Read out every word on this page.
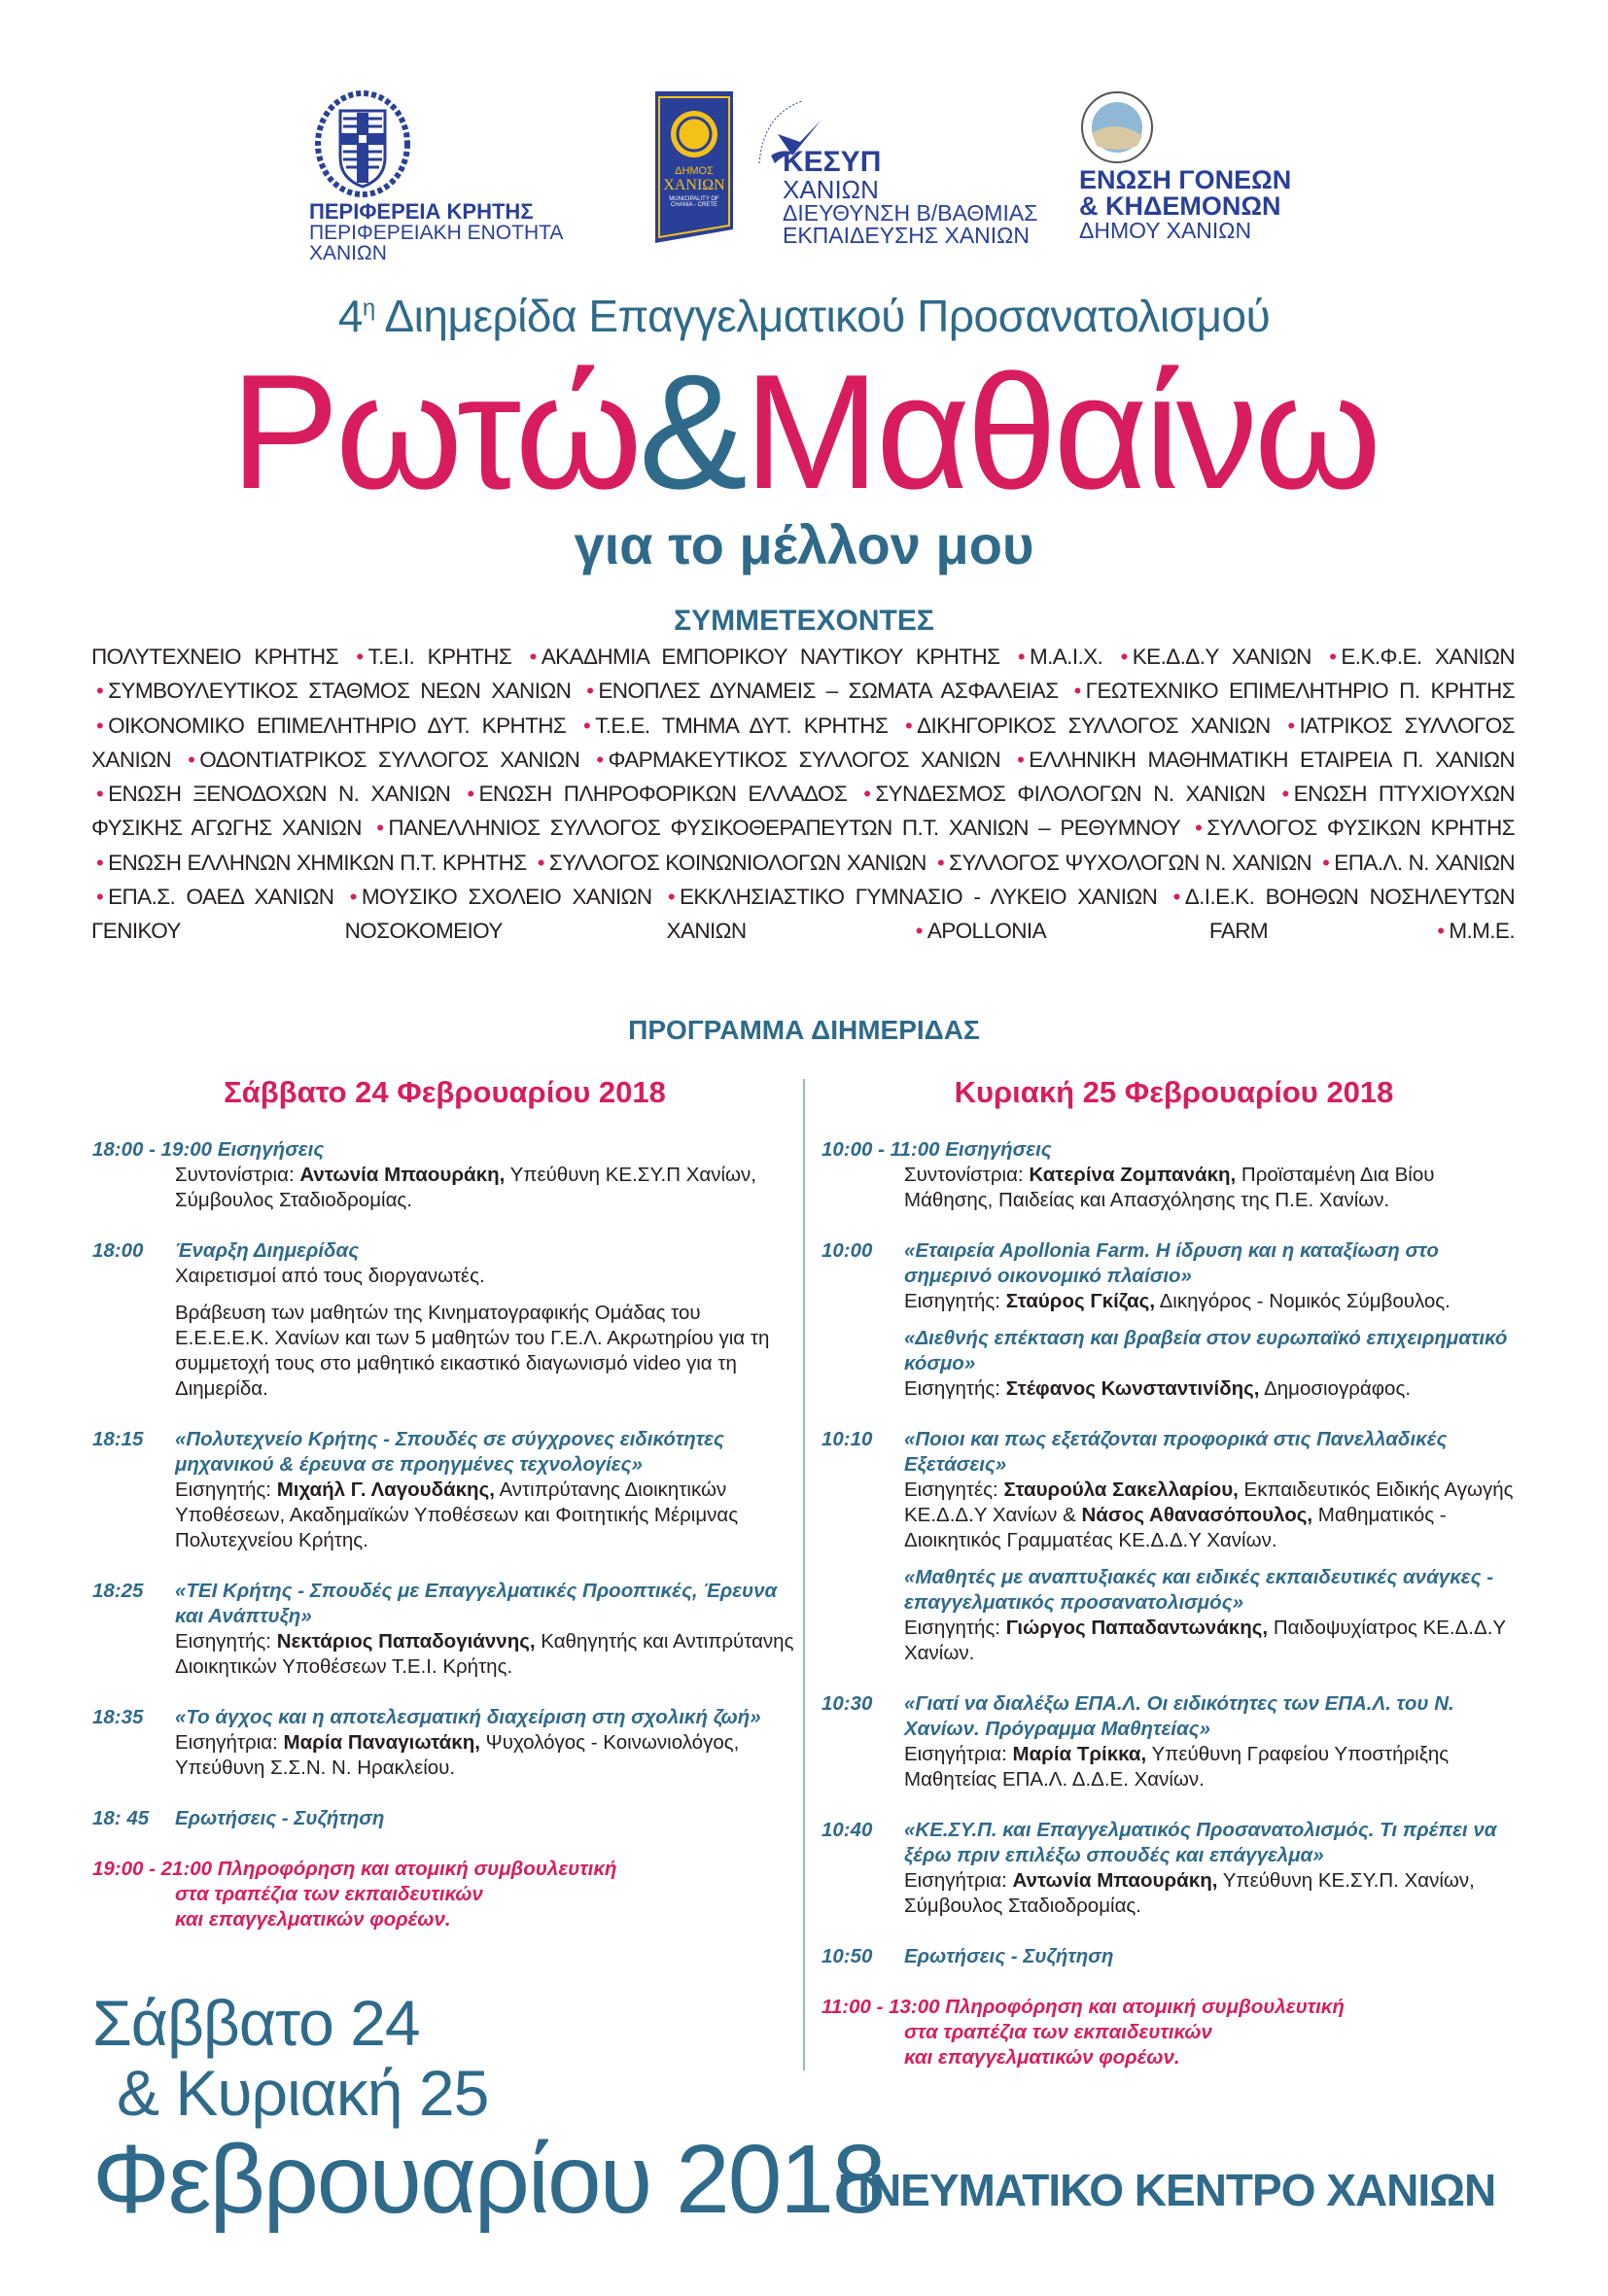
ΠΕΡΙΦΕΡΕΙΑ ΚΡΗΤΗΣ
ΠΕΡΙΦΕΡΕΙΑΚΗ ΕΝΟΤΗΤΑ ΧΑΝΙΩΝ
ΔΗΜΟΣ
ΧΑΝΙΩΝ
MUNICIPALITY OF CHANIA - CRETE
ΚΕΣΥΠ
ΧΑΝΙΩΝ
ΔΙΕΥΘΥΝΣΗ Β/ΒΑΘΜΙΑΣ
ΕΚΠΑΙΔΕΥΣΗΣ ΧΑΝΙΩΝ
ΕΝΩΣΗ ΓΟΝΕΩΝ
& ΚΗΔΕΜΟΝΩΝ
ΔΗΜΟΥ ΧΑΝΙΩΝ
$4^\eta$ Διημερίδα Επαγγελματικού Προσανατολισμού
Ρωτώ&Μαθαίνω
για το μέλλον μου
ΣΥΜΜΕΤΕΧΟΝΤΕΣ
ΠΟΛΥΤΕΧΝΕΙΟ ΚΡΗΤΗΣ • Τ.Ε.Ι. ΚΡΗΤΗΣ • ΑΚΑΔΗΜΙΑ ΕΜΠΟΡΙΚΟΥ ΝΑΥΤΙΚΟΥ ΚΡΗΤΗΣ • Μ.Α.Ι.Χ. • ΚΕ.Δ.Δ.Υ ΧΑΝΙΩΝ • Ε.Κ.Φ.Ε. ΧΑΝΙΩΝ • ΣΥΜΒΟΥΛΕΥΤΙΚΟΣ ΣΤΑΘΜΟΣ ΝΕΩΝ ΧΑΝΙΩΝ • ΕΝΟΠΛΕΣ ΔΥΝΑΜΕΙΣ – ΣΩΜΑΤΑ ΑΣΦΑΛΕΙΑΣ • ΓΕΩΤΕΧΝΙΚΟ ΕΠΙΜΕΛΗΤΗΡΙΟ Π. ΚΡΗΤΗΣ • ΟΙΚΟΝΟΜΙΚΟ ΕΠΙΜΕΛΗΤΗΡΙΟ ΔΥΤ. ΚΡΗΤΗΣ • Τ.Ε.Ε. ΤΜΗΜΑ ΔΥΤ. ΚΡΗΤΗΣ • ΔΙΚΗΓΟΡΙΚΟΣ ΣΥΛΛΟΓΟΣ ΧΑΝΙΩΝ • ΙΑΤΡΙΚΟΣ ΣΥΛΛΟΓΟΣ ΧΑΝΙΩΝ • ΟΔΟΝΤΙΑΤΡΙΚΟΣ ΣΥΛΛΟΓΟΣ ΧΑΝΙΩΝ • ΦΑΡΜΑΚΕΥΤΙΚΟΣ ΣΥΛΛΟΓΟΣ ΧΑΝΙΩΝ • ΕΛΛΗΝΙΚΗ ΜΑΘΗΜΑΤΙΚΗ ΕΤΑΙΡΕΙΑ Π. ΧΑΝΙΩΝ • ΕΝΩΣΗ ΞΕΝΟΔΟΧΩΝ Ν. ΧΑΝΙΩΝ • ΕΝΩΣΗ ΠΛΗΡΟΦΟΡΙΚΩΝ ΕΛΛΑΔΟΣ • ΣΥΝΔΕΣΜΟΣ ΦΙΛΟΛΟΓΩΝ Ν. ΧΑΝΙΩΝ • ΕΝΩΣΗ ΠΤΥΧΙΟΥΧΩΝ ΦΥΣΙΚΗΣ ΑΓΩΓΗΣ ΧΑΝΙΩΝ • ΠΑΝΕΛΛΗΝΙΟΣ ΣΥΛΛΟΓΟΣ ΦΥΣΙΚΟΘΕΡΑΠΕΥΤΩΝ Π.Τ. ΧΑΝΙΩΝ – ΡΕΘΥΜΝΟΥ • ΣΥΛΛΟΓΟΣ ΦΥΣΙΚΩΝ ΚΡΗΤΗΣ • ΕΝΩΣΗ ΕΛΛΗΝΩΝ ΧΗΜΙΚΩΝ Π.Τ. ΚΡΗΤΗΣ • ΣΥΛΛΟΓΟΣ ΚΟΙΝΩΝΙΟΛΟΓΩΝ ΧΑΝΙΩΝ • ΣΥΛΛΟΓΟΣ ΨΥΧΟΛΟΓΩΝ Ν. ΧΑΝΙΩΝ • ΕΠΑ.Λ. Ν. ΧΑΝΙΩΝ • ΕΠΑ.Σ. ΟΑΕΔ ΧΑΝΙΩΝ • ΜΟΥΣΙΚΟ ΣΧΟΛΕΙΟ ΧΑΝΙΩΝ • ΕΚΚΛΗΣΙΑΣΤΙΚΟ ΓΥΜΝΑΣΙΟ - ΛΥΚΕΙΟ ΧΑΝΙΩΝ • Δ.Ι.Ε.Κ. ΒΟΗΘΩΝ ΝΟΣΗΛΕΥΤΩΝ ΓΕΝΙΚΟΥ ΝΟΣΟΚΟΜΕΙΟΥ ΧΑΝΙΩΝ	• APOLLONIA FARM	• Μ.Μ.Ε.
ΠΡΟΓΡΑΜΜΑ ΔΙΗΜΕΡΙΔΑΣ
Σάββατο 24 Φεβρουαρίου 2018	Κυριακή 25 Φεβρουαρίου 2018
18:00 - 19:00 Εισηγήσεις
Συντονίστρια: Αντωνία Μπαουράκη, Υπεύθυνη ΚΕ.ΣΥ.Π Χανίων, Σύμβουλος Σταδιοδρομίας.
18:00	Έναρξη Διημερίδας
Χαιρετισμοί από τους διοργανωτές.
Βράβευση των μαθητών της Κινηματογραφικής Ομάδας του Ε.Ε.Ε.Ε.Κ. Χανίων και των 5 μαθητών του Γ.Ε.Λ. Ακρωτηρίου για τη συμμετοχή τους στο μαθητικό εικαστικό διαγωνισμό video για τη Διημερίδα.
18:15	«Πολυτεχνείο Κρήτης - Σπουδές σε σύγχρονες ειδικότητες μηχανικού & έρευνα σε προηγμένες τεχνολογίες»
Εισηγητής: Μιχαήλ Γ. Λαγουδάκης, Αντιπρύτανης Διοικητικών Υποθέσεων, Ακαδημαϊκών Υποθέσεων και Φοιτητικής Μέριμνας Πολυτεχνείου Κρήτης.
18:25	«ΤΕΙ Κρήτης - Σπουδές με Επαγγελματικές Προοπτικές, Έρευνα και Ανάπτυξη»
Εισηγητής: Νεκτάριος Παπαδογιάννης, Καθηγητής και Αντιπρύτανης Διοικητικών Υποθέσεων Τ.Ε.Ι. Κρήτης.
18:35	«Το άγχος και η αποτελεσματική διαχείριση στη σχολική ζωή»
Εισηγήτρια: Μαρία Παναγιωτάκη, Ψυχολόγος - Κοινωνιολόγος, Υπεύθυνη Σ.Σ.Ν. Ν. Ηρακλείου.
18: 45	Ερωτήσεις - Συζήτηση
19:00 - 21:00 Πληροφόρηση και ατομική συμβουλευτική
στα τραπέζια των εκπαιδευτικών
και επαγγελματικών φορέων.
10:00 - 11:00 Εισηγήσεις
Συντονίστρια: Κατερίνα Ζομπανάκη, Προϊσταμένη Δια Βίου Μάθησης, Παιδείας και Απασχόλησης της Π.Ε. Χανίων.
10:00	«Εταιρεία Apollonia Farm. Η ίδρυση και η καταξίωση στο σημερινό οικονομικό πλαίσιο»
Εισηγητής: Σταύρος Γκίζας, Δικηγόρος - Νομικός Σύμβουλος.
«Διεθνής επέκταση και βραβεία στον ευρωπαϊκό επιχειρηματικό κόσμο»
Εισηγητής: Στέφανος Κωνσταντινίδης, Δημοσιογράφος.
10:10	«Ποιοι και πως εξετάζονται προφορικά στις Πανελλαδικές Εξετάσεις»
Εισηγητές: Σταυρούλα Σακελλαρίου, Εκπαιδευτικός Ειδικής Αγωγής ΚΕ.Δ.Δ.Υ Χανίων & Νάσος Αθανασόπουλος, Μαθηματικός - Διοικητικός Γραμματέας ΚΕ.Δ.Δ.Υ Χανίων.
«Μαθητές με αναπτυξιακές και ειδικές εκπαιδευτικές ανάγκες - επαγγελματικός προσανατολισμός»
Εισηγητής: Γιώργος Παπαδαντωνάκης, Παιδοψυχίατρος ΚΕ.Δ.Δ.Υ Χανίων.
10:30	«Γιατί να διαλέξω ΕΠΑ.Λ. Οι ειδικότητες των ΕΠΑ.Λ. του Ν. Χανίων. Πρόγραμμα Μαθητείας»
Εισηγήτρια: Μαρία Τρίκκα, Υπεύθυνη Γραφείου Υποστήριξης Μαθητείας ΕΠΑ.Λ. Δ.Δ.Ε. Χανίων.
10:40	«ΚΕ.ΣΥ.Π. και Επαγγελματικός Προσανατολισμός. Τι πρέπει να ξέρω πριν επιλέξω σπουδές και επάγγελμα»
Εισηγήτρια: Αντωνία Μπαουράκη, Υπεύθυνη ΚΕ.ΣΥ.Π. Χανίων, Σύμβουλος Σταδιοδρομίας.
10:50	Ερωτήσεις - Συζήτηση
11:00 - 13:00 Πληροφόρηση και ατομική συμβουλευτική
στα τραπέζια των εκπαιδευτικών
και επαγγελματικών φορέων.
Σάββατο 24
& Κυριακή 25
Φεβρουαρίου 2018
ΠΝΕΥΜΑΤΙΚΟ ΚΕΝΤΡΟ ΧΑΝΙΩΝ
